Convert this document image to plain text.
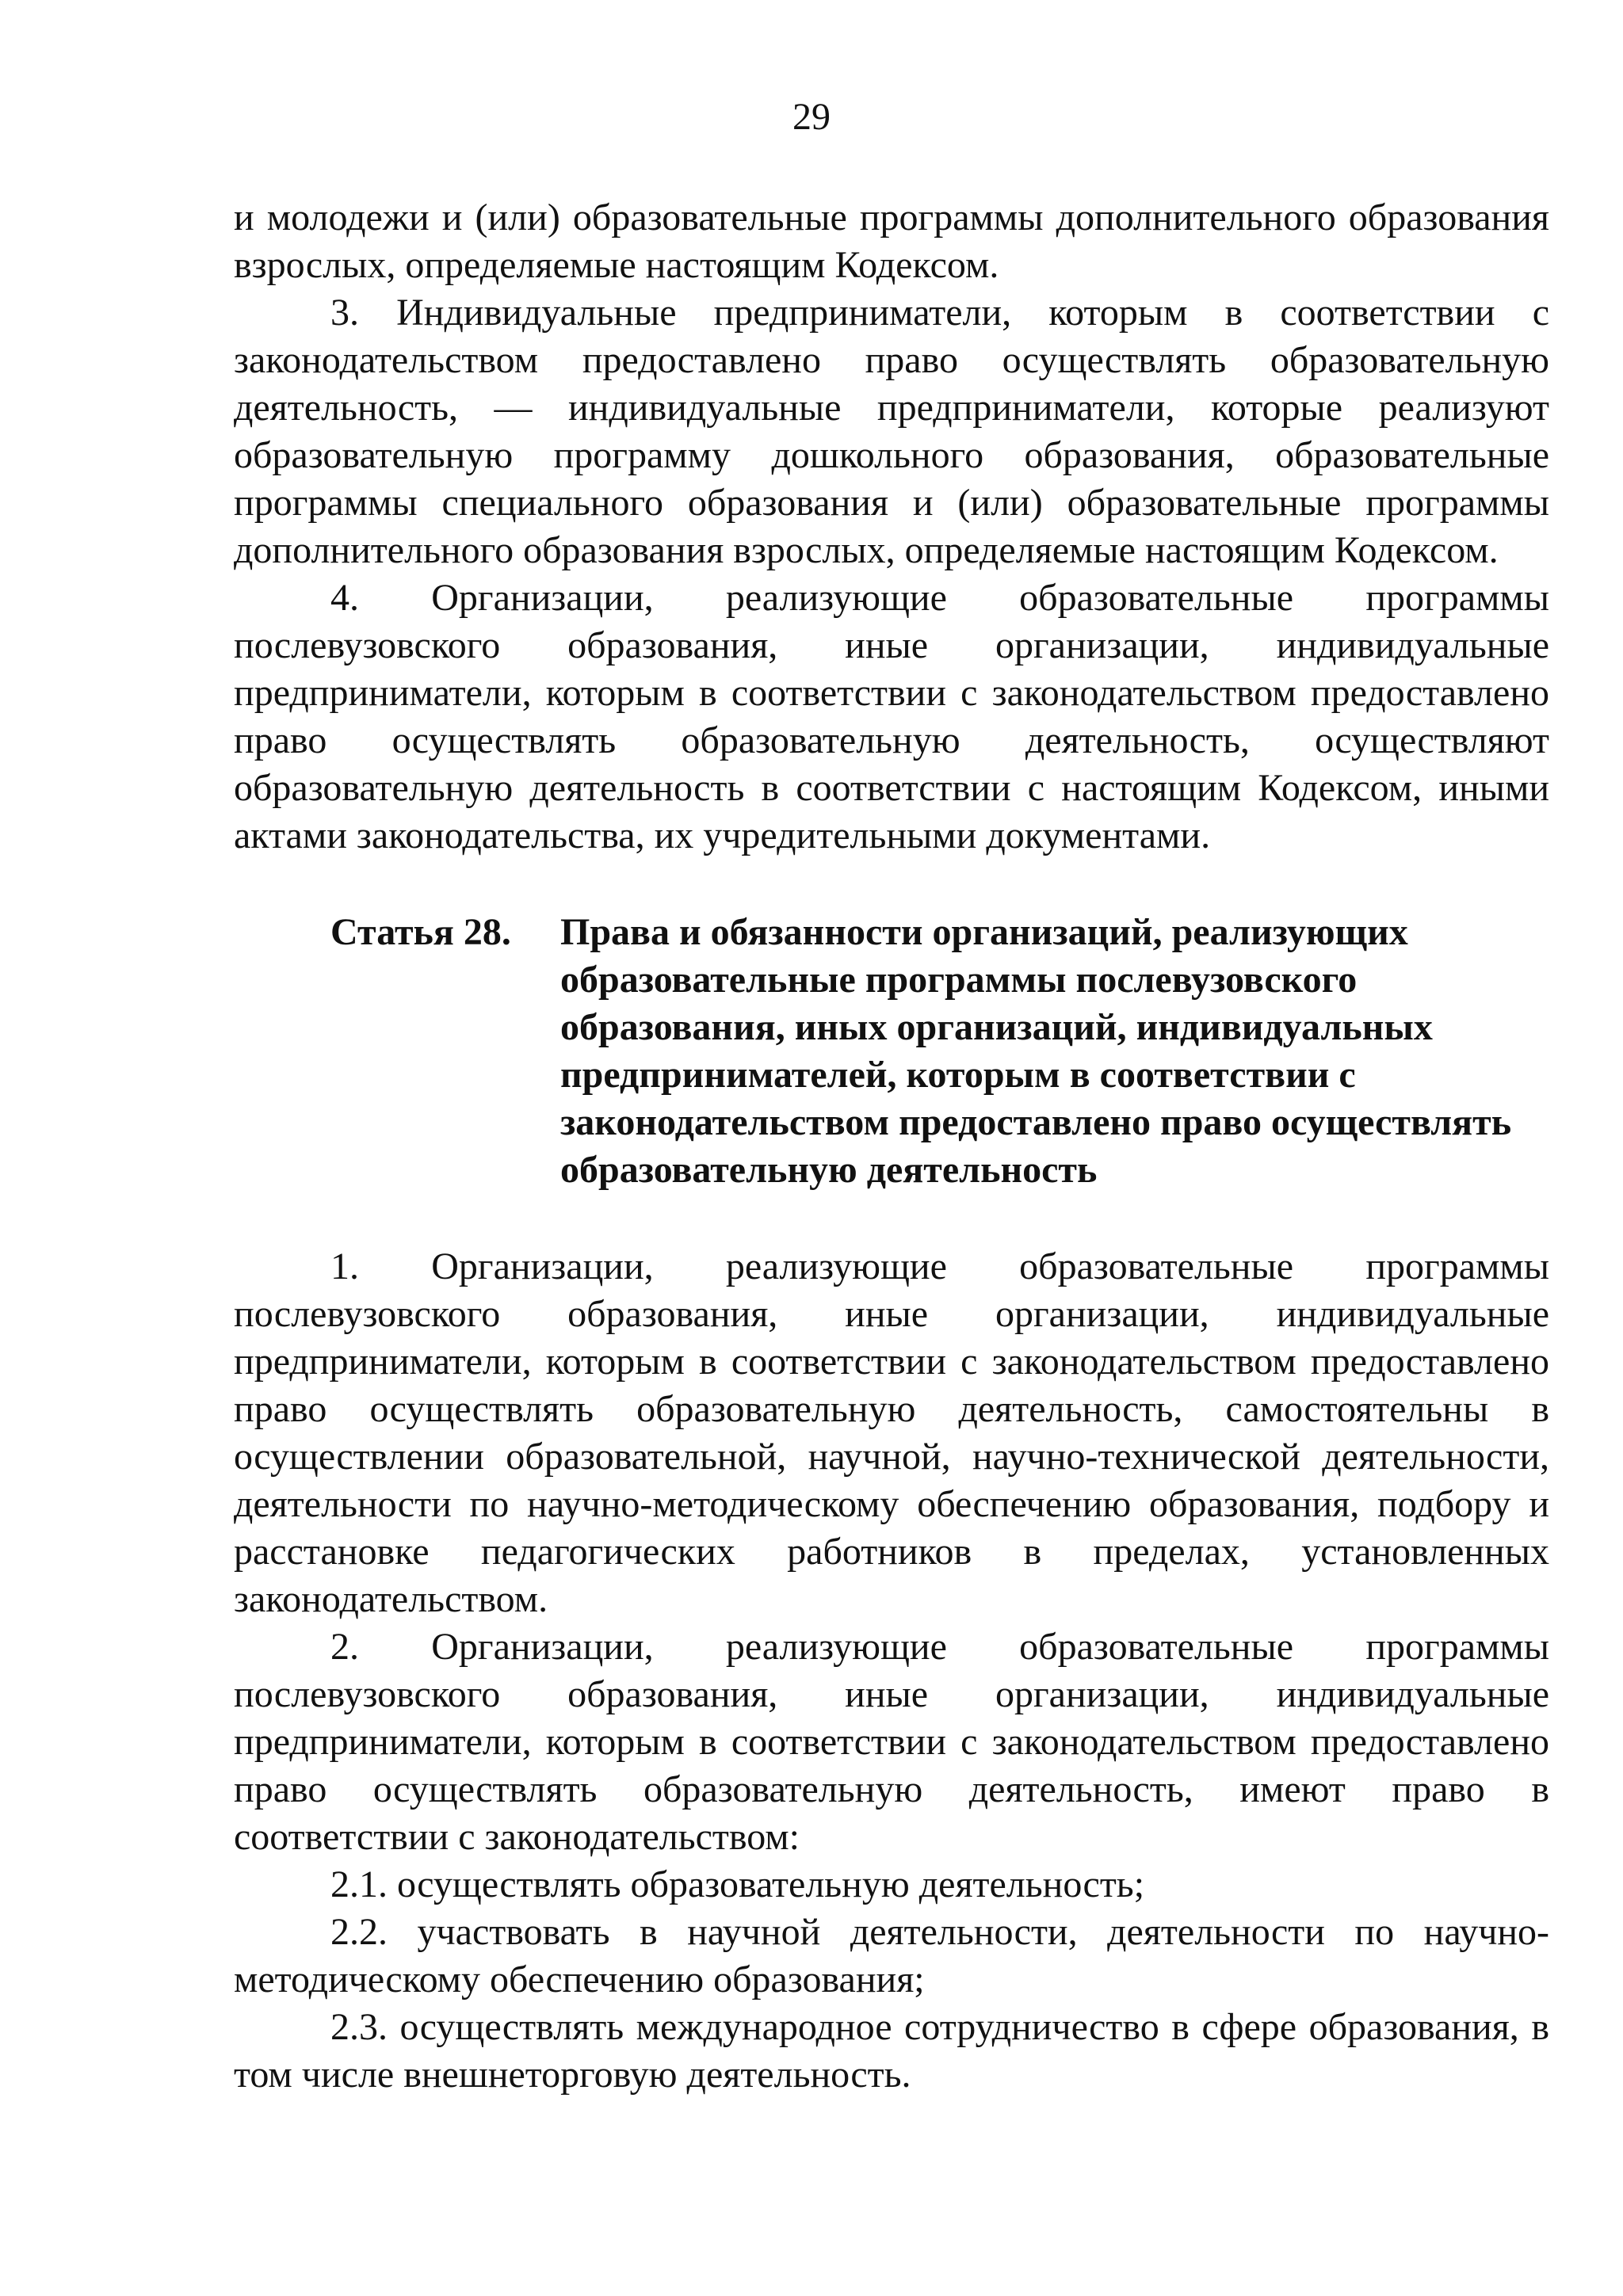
29

и молодежи и (или) образовательные программы дополнительного образования взрослых, определяемые настоящим Кодексом.

3. Индивидуальные предприниматели, которым в соответствии с законодательством предоставлено право осуществлять образовательную деятельность, — индивидуальные предприниматели, которые реализуют образовательную программу дошкольного образования, образовательные программы специального образования и (или) образовательные программы дополнительного образования взрослых, определяемые настоящим Кодексом.

4. Организации, реализующие образовательные программы послевузовского образования, иные организации, индивидуальные предприниматели, которым в соответствии с законодательством предоставлено право осуществлять образовательную деятельность, осуществляют образовательную деятельность в соответствии с настоящим Кодексом, иными актами законодательства, их учредительными документами.

Статья 28.	Права и обязанности организаций, реализующих образовательные программы послевузовского образования, иных организаций, индивидуальных предпринимателей, которым в соответствии с законодательством предоставлено право осуществлять образовательную деятельность

1. Организации, реализующие образовательные программы послевузовского образования, иные организации, индивидуальные предприниматели, которым в соответствии с законодательством предоставлено право осуществлять образовательную деятельность, самостоятельны в осуществлении образовательной, научной, научно-технической деятельности, деятельности по научно-методическому обеспечению образования, подбору и расстановке педагогических работников в пределах, установленных законодательством.

2. Организации, реализующие образовательные программы послевузовского образования, иные организации, индивидуальные предприниматели, которым в соответствии с законодательством предоставлено право осуществлять образовательную деятельность, имеют право в соответствии с законодательством:

2.1. осуществлять образовательную деятельность;

2.2. участвовать в научной деятельности, деятельности по научно-методическому обеспечению образования;

2.3. осуществлять международное сотрудничество в сфере образования, в том числе внешнеторговую деятельность.
